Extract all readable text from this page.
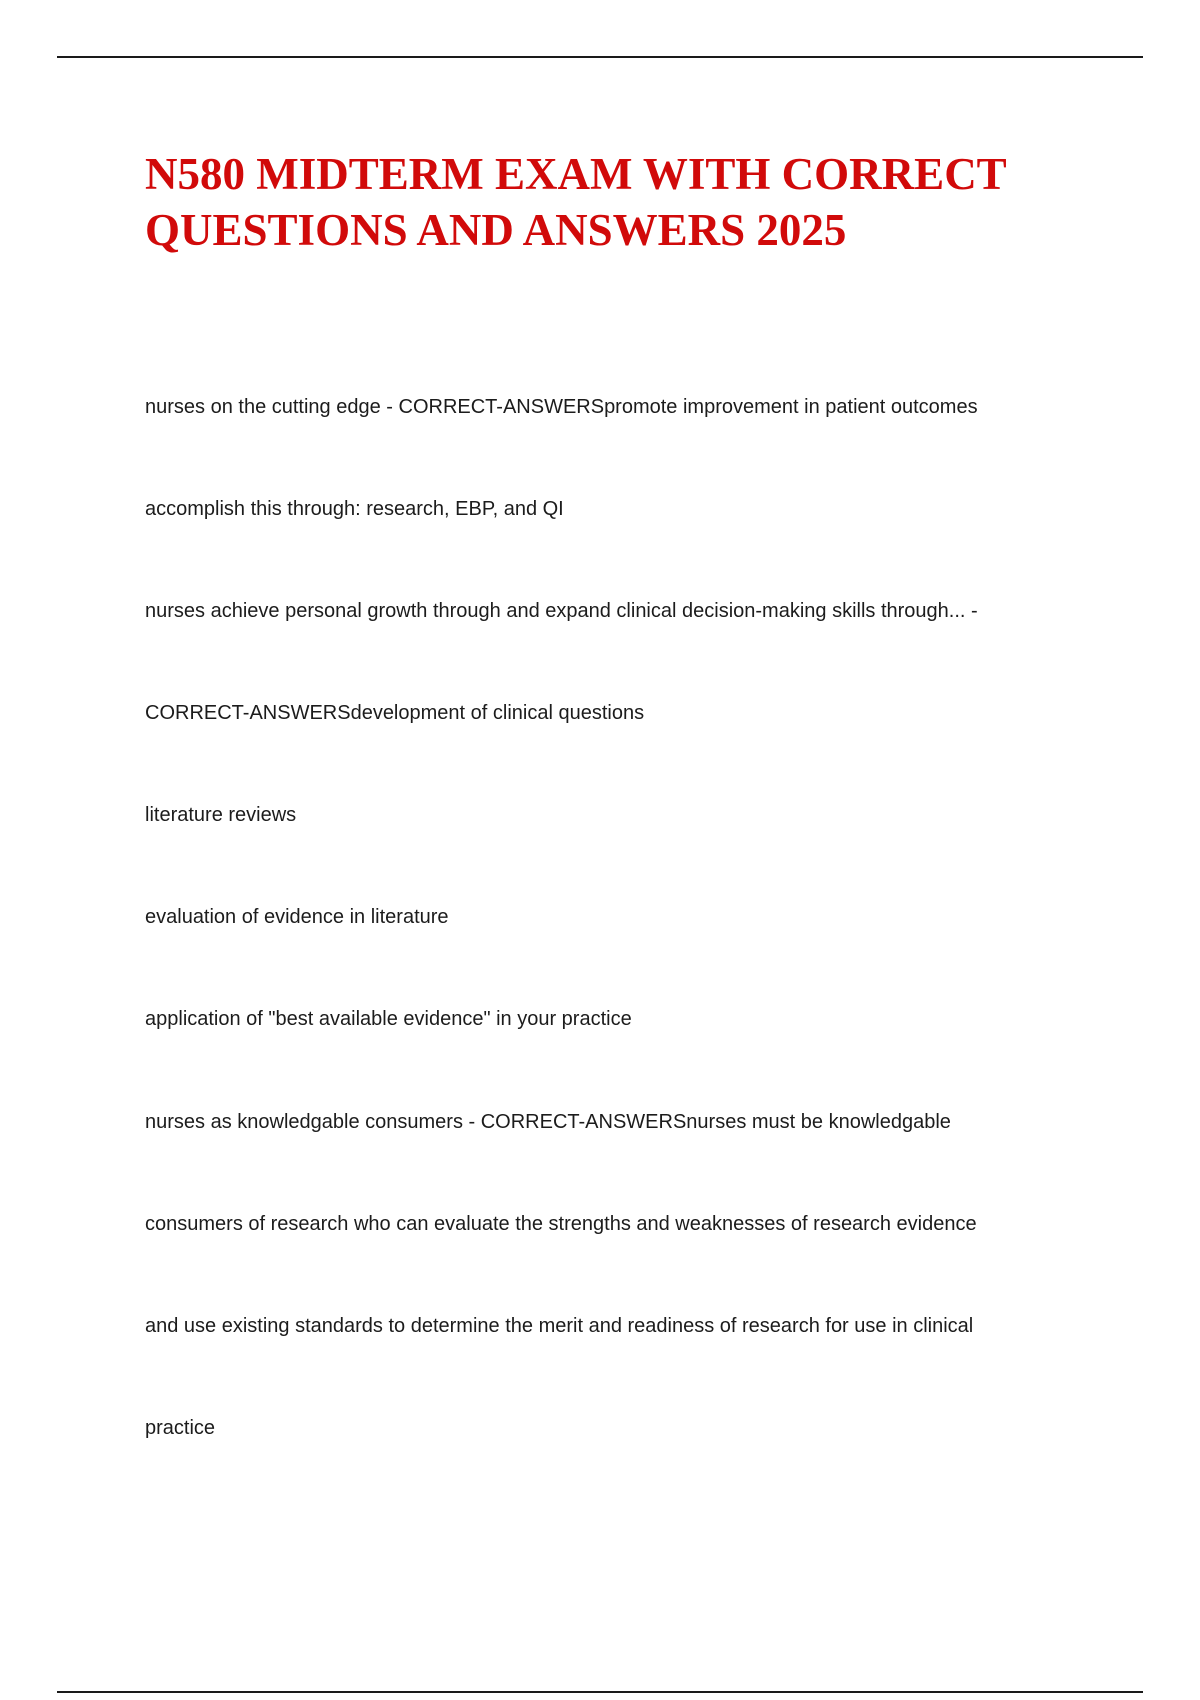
N580 MIDTERM EXAM WITH CORRECT
QUESTIONS AND ANSWERS 2025

nurses on the cutting edge - CORRECT-ANSWERSpromote improvement in patient outcomes

accomplish this through: research, EBP, and QI

nurses achieve personal growth through and expand clinical decision-making skills through... -

CORRECT-ANSWERSdevelopment of clinical questions

literature reviews

evaluation of evidence in literature

application of "best available evidence" in your practice

nurses as knowledgable consumers - CORRECT-ANSWERSnurses must be knowledgable

consumers of research who can evaluate the strengths and weaknesses of research evidence

and use existing standards to determine the merit and readiness of research for use in clinical

practice
